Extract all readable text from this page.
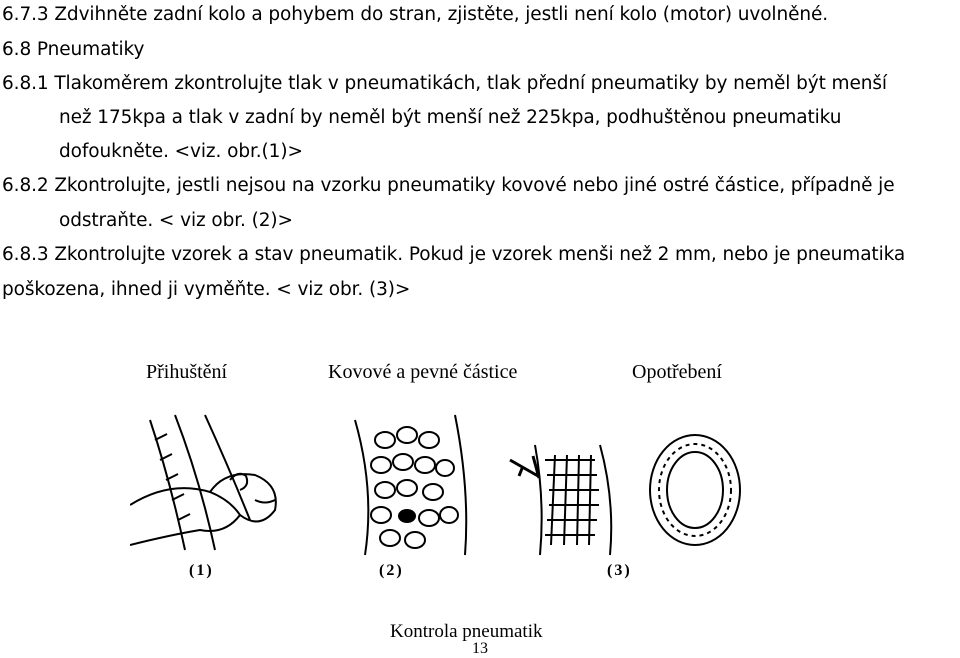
6.7.3 Zdvihněte zadní kolo a pohybem do stran, zjistěte, jestli není kolo (motor) uvolněné.
6.8 Pneumatiky
6.8.1 Tlakoměrem zkontrolujte tlak v pneumatikách, tlak přední pneumatiky by neměl být menší
než 175kpa a tlak v zadní by neměl být menší než 225kpa, podhuštěnou pneumatiku
dofoukněte. <viz. obr.(1)>
6.8.2 Zkontrolujte, jestli nejsou na vzorku pneumatiky kovové nebo jiné ostré částice, případně je
odstraňte. < viz obr. (2)>
6.8.3 Zkontrolujte vzorek a stav pneumatik. Pokud je vzorek menši než 2 mm, nebo je pneumatika
poškozena, ihned ji vyměňte. < viz obr. (3)>
Přihuštění	Kovové a pevné částice	Opotřebení
(1)	(2)	(3)
Kontrola pneumatik
13
